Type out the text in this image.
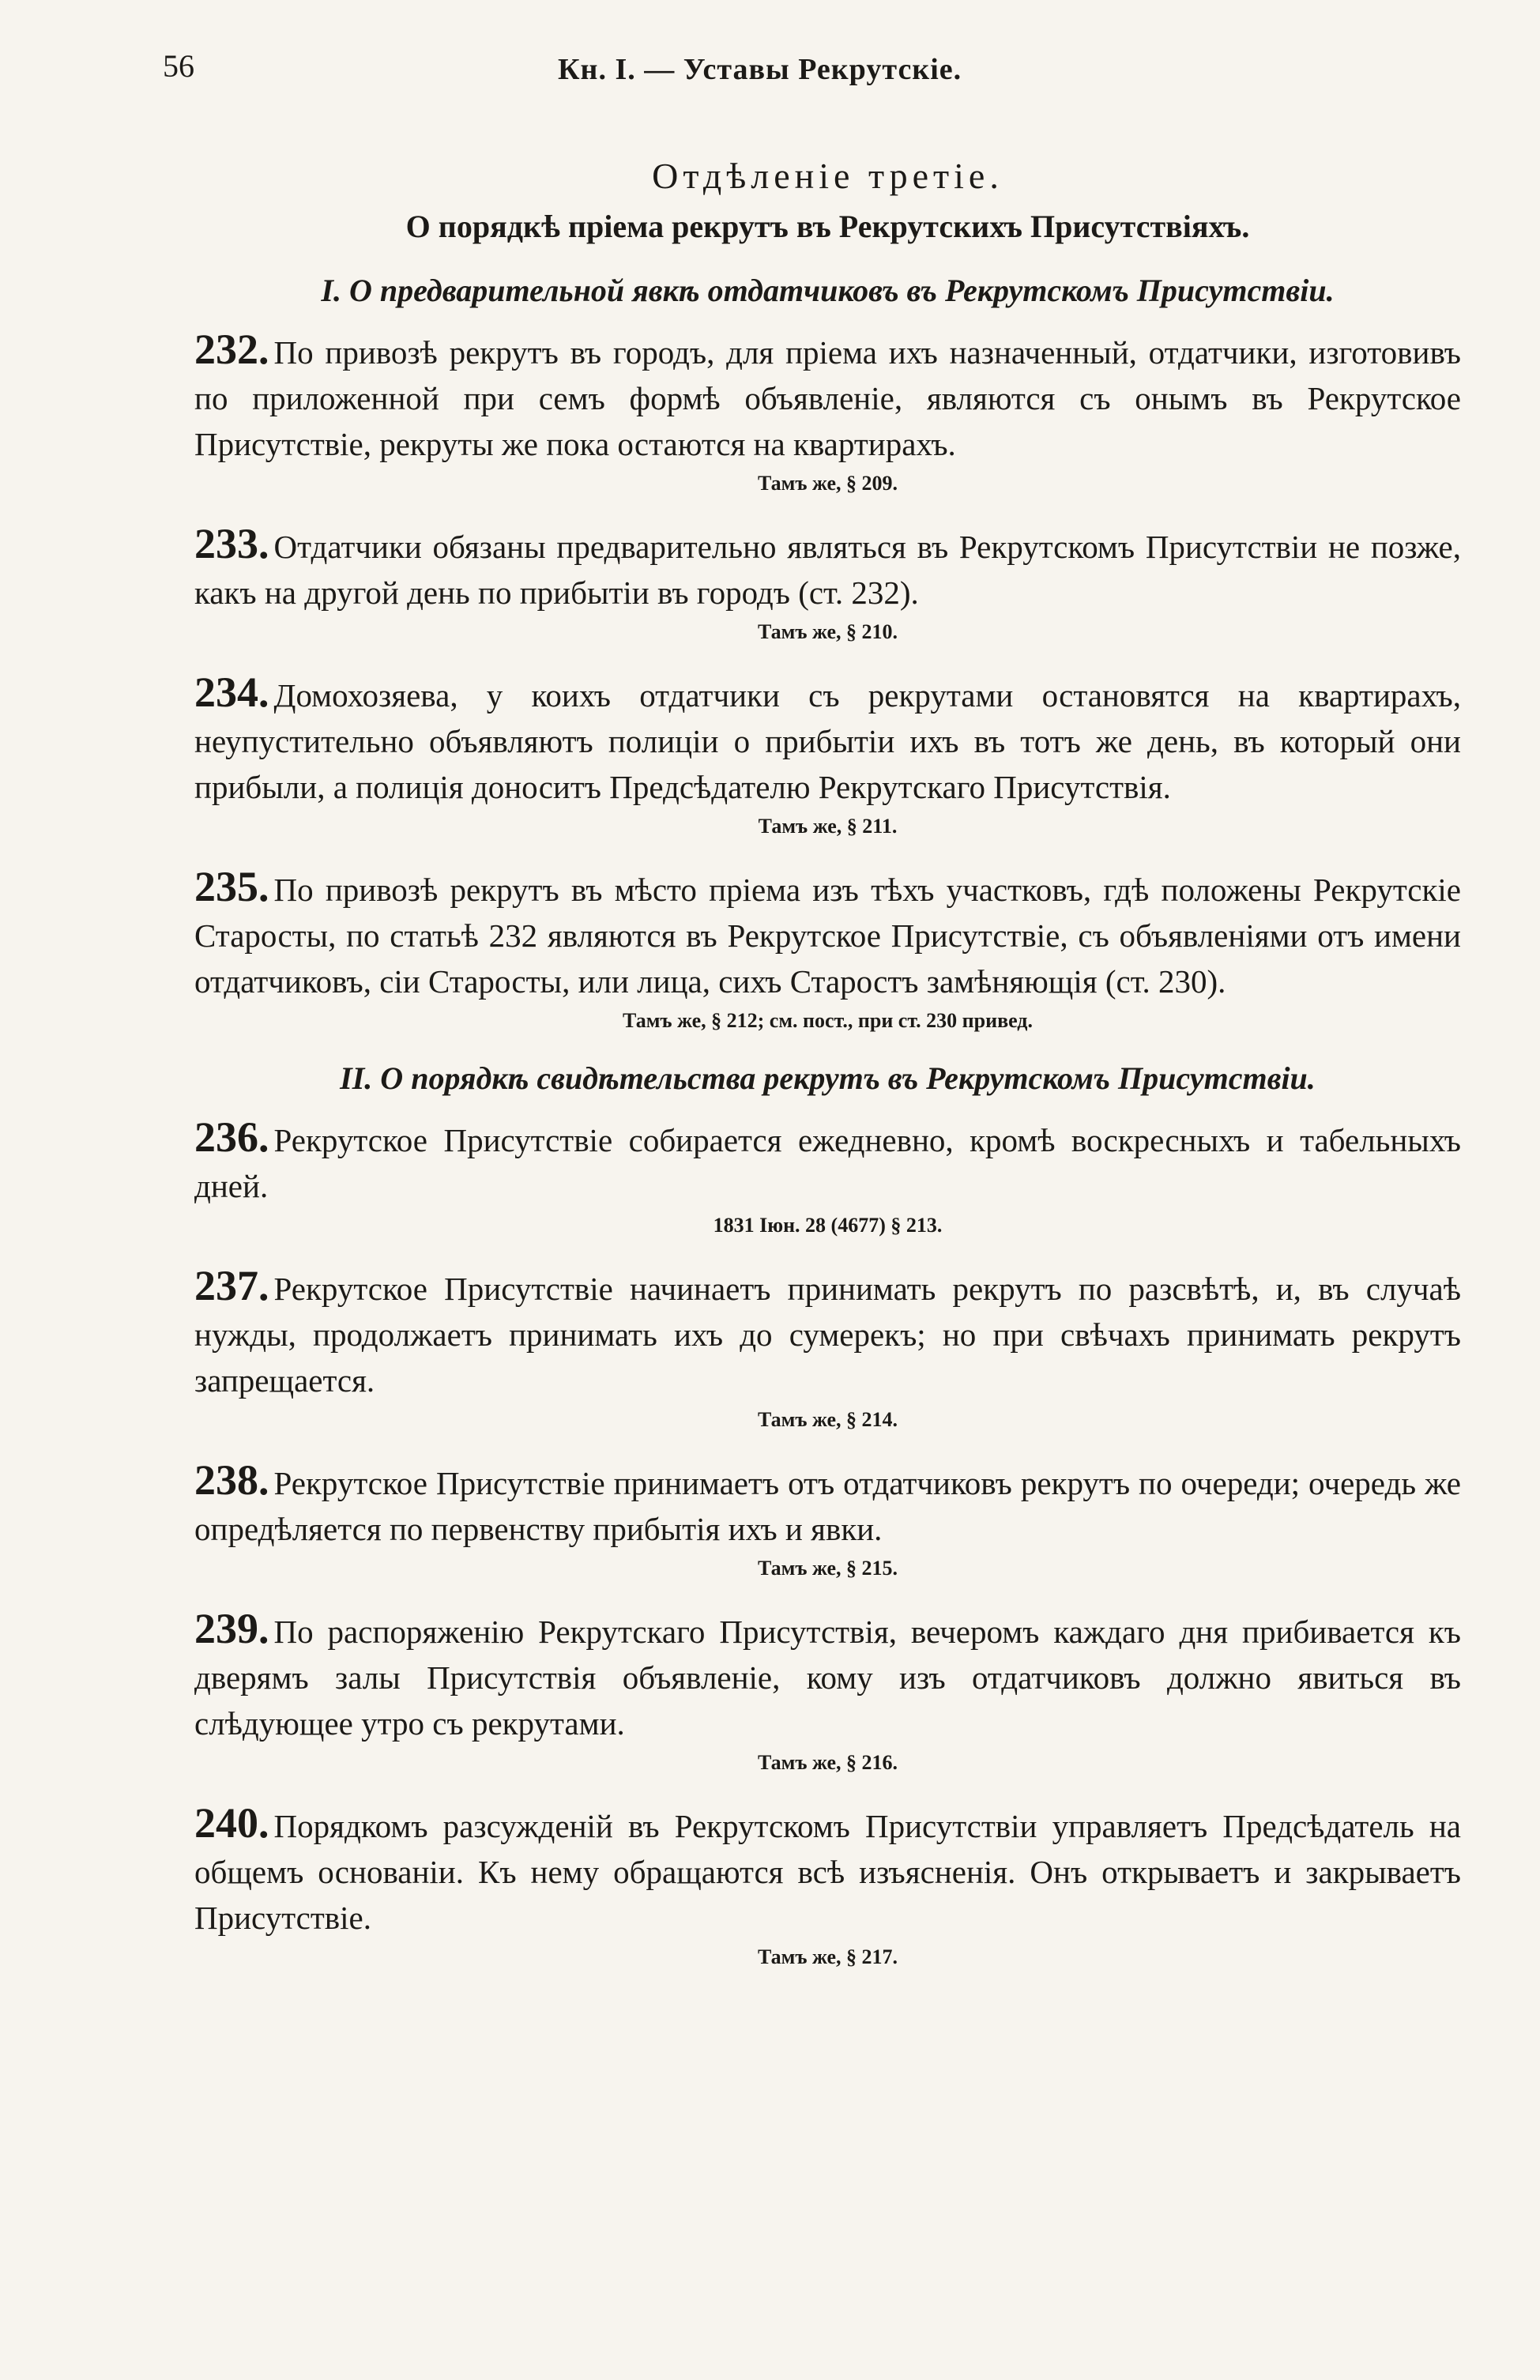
56	Кн. I. — Уставы Рекрутскіе.
Отдѣленіе третіе.
О порядкѣ пріема рекрутъ въ Рекрутскихъ Присутствіяхъ.
I. О предварительной явкѣ отдатчиковъ въ Рекрутскомъ Присутствіи.

232. По привозѣ рекрутъ въ городъ, для пріема ихъ назначенный, отдатчики, изготовивъ по приложенной при семъ формѣ объявленіе, являются съ онымъ въ Рекрутское Присутствіе, рекруты же пока остаются на квартирахъ.

Тамъ же, § 209.

233. Отдатчики обязаны предварительно являться въ Рекрутскомъ Присутствіи не позже, какъ на другой день по прибытіи въ городъ (ст. 232).

Тамъ же, § 210.

234. Домохозяева, у коихъ отдатчики съ рекрутами остановятся на квартирахъ, неупустительно объявляютъ полиціи о прибытіи ихъ въ тотъ же день, въ который они прибыли, а полиція доноситъ Предсѣдателю Рекрутскаго Присутствія.

Тамъ же, § 211.

235. По привозѣ рекрутъ въ мѣсто пріема изъ тѣхъ участковъ, гдѣ положены Рекрутскіе Старосты, по статьѣ 232 являются въ Рекрутское Присутствіе, съ объявленіями отъ имени отдатчиковъ, сіи Старосты, или лица, сихъ Старостъ замѣняющія (ст. 230).

Тамъ же, § 212; см. пост., при ст. 230 привед.
II. О порядкѣ свидѣтельства рекрутъ въ Рекрутскомъ Присутствіи.

236. Рекрутское Присутствіе собирается ежедневно, кромѣ воскресныхъ и табельныхъ дней.

1831 Іюн. 28 (4677) § 213.

237. Рекрутское Присутствіе начинаетъ принимать рекрутъ по разсвѣтѣ, и, въ случаѣ нужды, продолжаетъ принимать ихъ до сумерекъ; но при свѣчахъ принимать рекрутъ запрещается.

Тамъ же, § 214.

238. Рекрутское Присутствіе принимаетъ отъ отдатчиковъ рекрутъ по очереди; очередь же опредѣляется по первенству прибытія ихъ и явки.

Тамъ же, § 215.

239. По распоряженію Рекрутскаго Присутствія, вечеромъ каждаго дня прибивается къ дверямъ залы Присутствія объявленіе, кому изъ отдатчиковъ должно явиться въ слѣдующее утро съ рекрутами.

Тамъ же, § 216.

240. Порядкомъ разсужденій въ Рекрутскомъ Присутствіи управляетъ Предсѣдатель на общемъ основаніи. Къ нему обращаются всѣ изъясненія. Онъ открываетъ и закрываетъ Присутствіе.

Тамъ же, § 217.
